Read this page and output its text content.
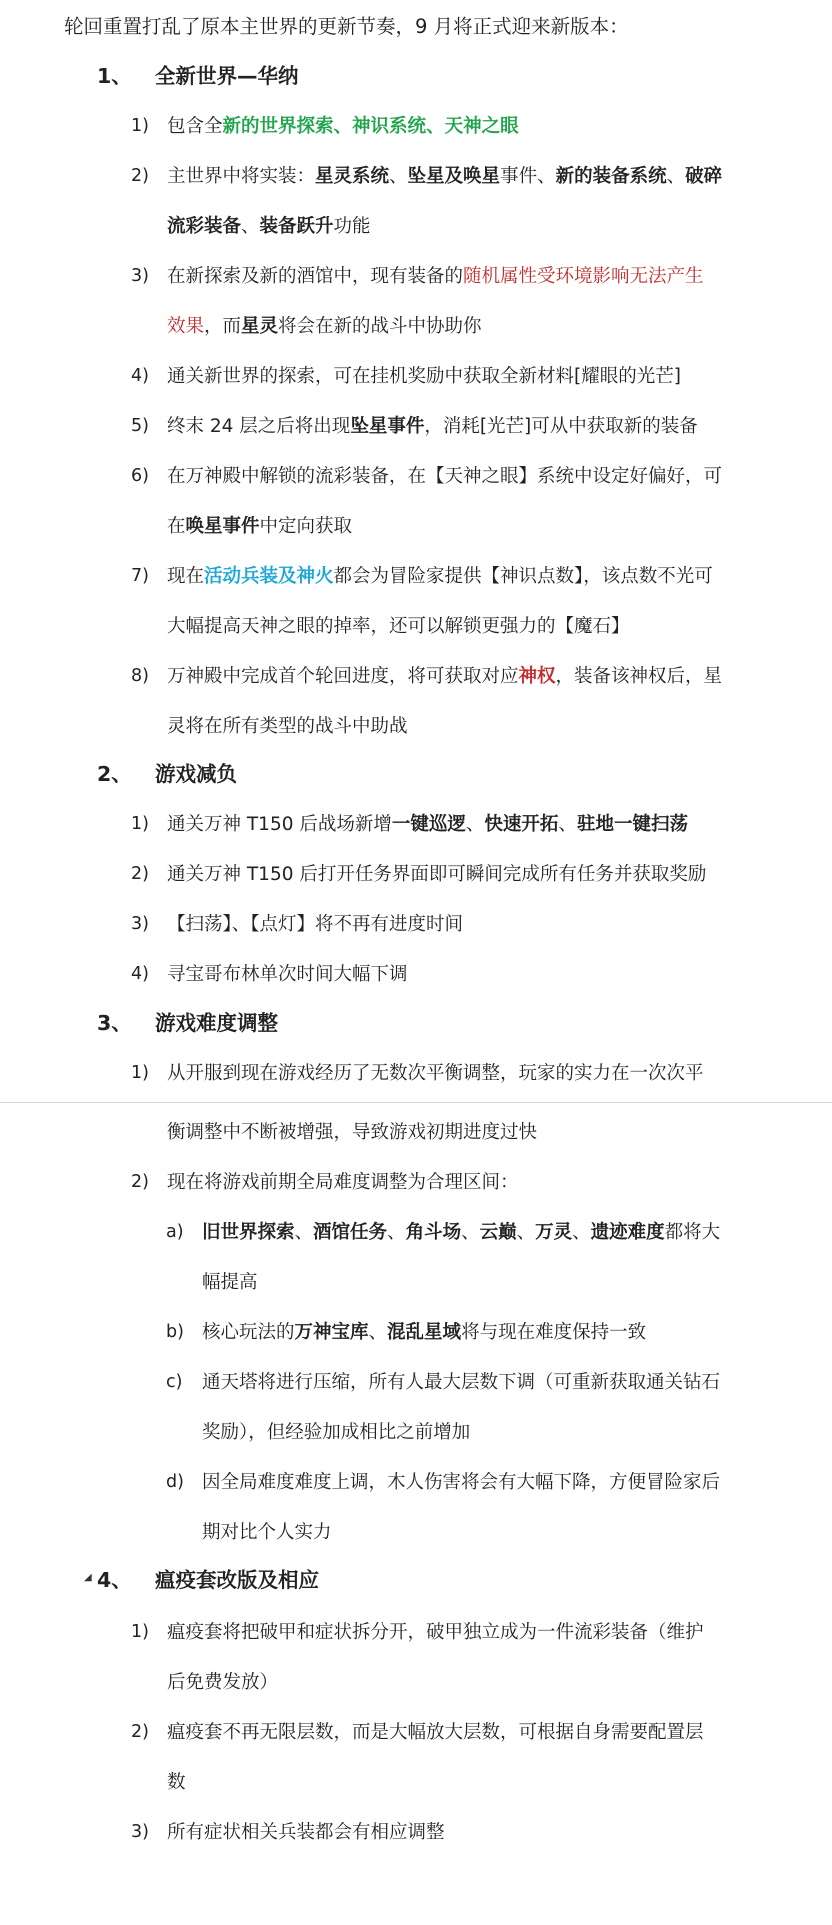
轮回重置打乱了原本主世界的更新节奏，9 月将正式迎来新版本：
1、 全新世界—华纳
1) 包含全新的世界探索、神识系统、天神之眼
2) 主世界中将实装：星灵系统、坠星及唤星事件、新的装备系统、破碎
流彩装备、装备跃升功能
3) 在新探索及新的酒馆中，现有装备的随机属性受环境影响无法产生
效果，而星灵将会在新的战斗中协助你
4) 通关新世界的探索，可在挂机奖励中获取全新材料[耀眼的光芒]
5) 终末 24 层之后将出现坠星事件，消耗[光芒]可从中获取新的装备
6) 在万神殿中解锁的流彩装备，在【天神之眼】系统中设定好偏好，可
在唤星事件中定向获取
7) 现在活动兵装及神火都会为冒险家提供【神识点数】，该点数不光可
大幅提高天神之眼的掉率，还可以解锁更强力的【魔石】
8) 万神殿中完成首个轮回进度，将可获取对应神权，装备该神权后，星
灵将在所有类型的战斗中助战
2、 游戏减负
1) 通关万神 T150 后战场新增一键巡逻、快速开拓、驻地一键扫荡
2) 通关万神 T150 后打开任务界面即可瞬间完成所有任务并获取奖励
3) 【扫荡】、【点灯】将不再有进度时间
4) 寻宝哥布林单次时间大幅下调
3、 游戏难度调整
1) 从开服到现在游戏经历了无数次平衡调整，玩家的实力在一次次平
衡调整中不断被增强，导致游戏初期进度过快
2) 现在将游戏前期全局难度调整为合理区间：
a) 旧世界探索、酒馆任务、角斗场、云巅、万灵、遗迹难度都将大
幅提高
b) 核心玩法的万神宝库、混乱星域将与现在难度保持一致
c) 通天塔将进行压缩，所有人最大层数下调（可重新获取通关钻石
奖励），但经验加成相比之前增加
d) 因全局难度难度上调，木人伤害将会有大幅下降，方便冒险家后
期对比个人实力
◢ 4、 瘟疫套改版及相应
1) 瘟疫套将把破甲和症状拆分开，破甲独立成为一件流彩装备（维护
后免费发放）
2) 瘟疫套不再无限层数，而是大幅放大层数，可根据自身需要配置层
数
3) 所有症状相关兵装都会有相应调整
